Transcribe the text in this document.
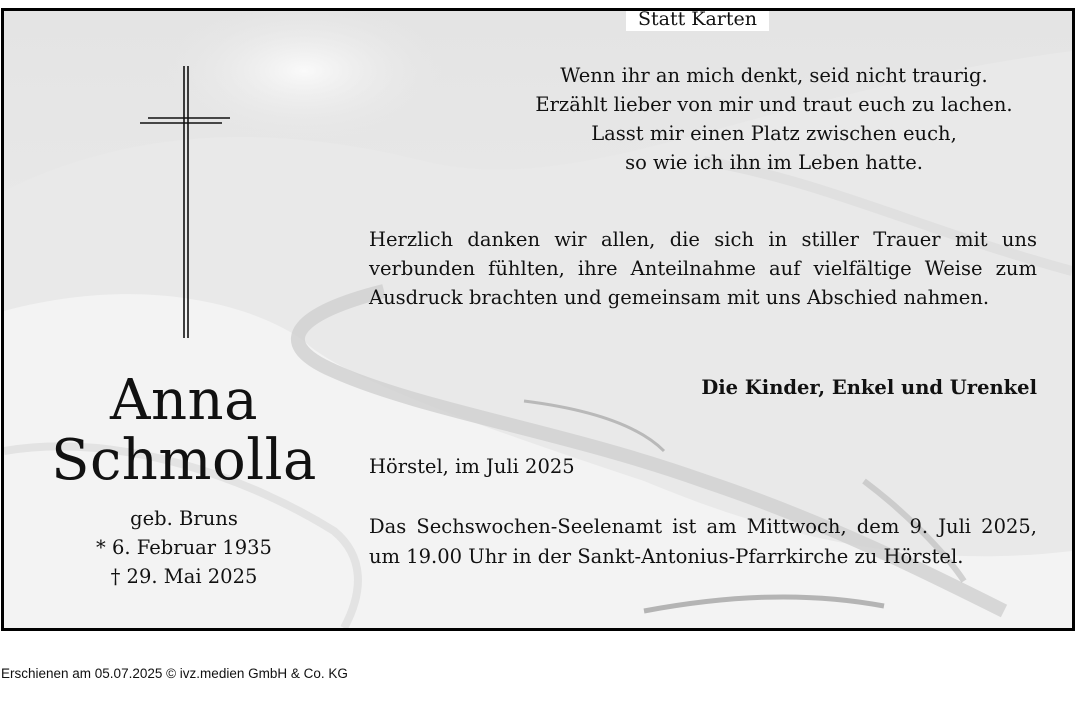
Statt Karten
Wenn ihr an mich denkt, seid nicht traurig.
Erzählt lieber von mir und traut euch zu lachen.
Lasst mir einen Platz zwischen euch,
so wie ich ihn im Leben hatte.
Herzlich danken wir allen, die sich in stiller Trauer mit uns verbunden fühlten, ihre Anteilnahme auf vielfältige Weise zum Ausdruck brachten und gemeinsam mit uns Abschied nahmen.
Die Kinder, Enkel und Urenkel
Hörstel, im Juli 2025
Das Sechswochen-Seelenamt ist am Mittwoch, dem 9. Juli 2025, um 19.00 Uhr in der Sankt-Antonius-Pfarrkirche zu Hörstel.
Anna
Schmolla
geb. Bruns
* 6. Februar 1935
† 29. Mai 2025
Erschienen am 05.07.2025 © ivz.medien GmbH & Co. KG
